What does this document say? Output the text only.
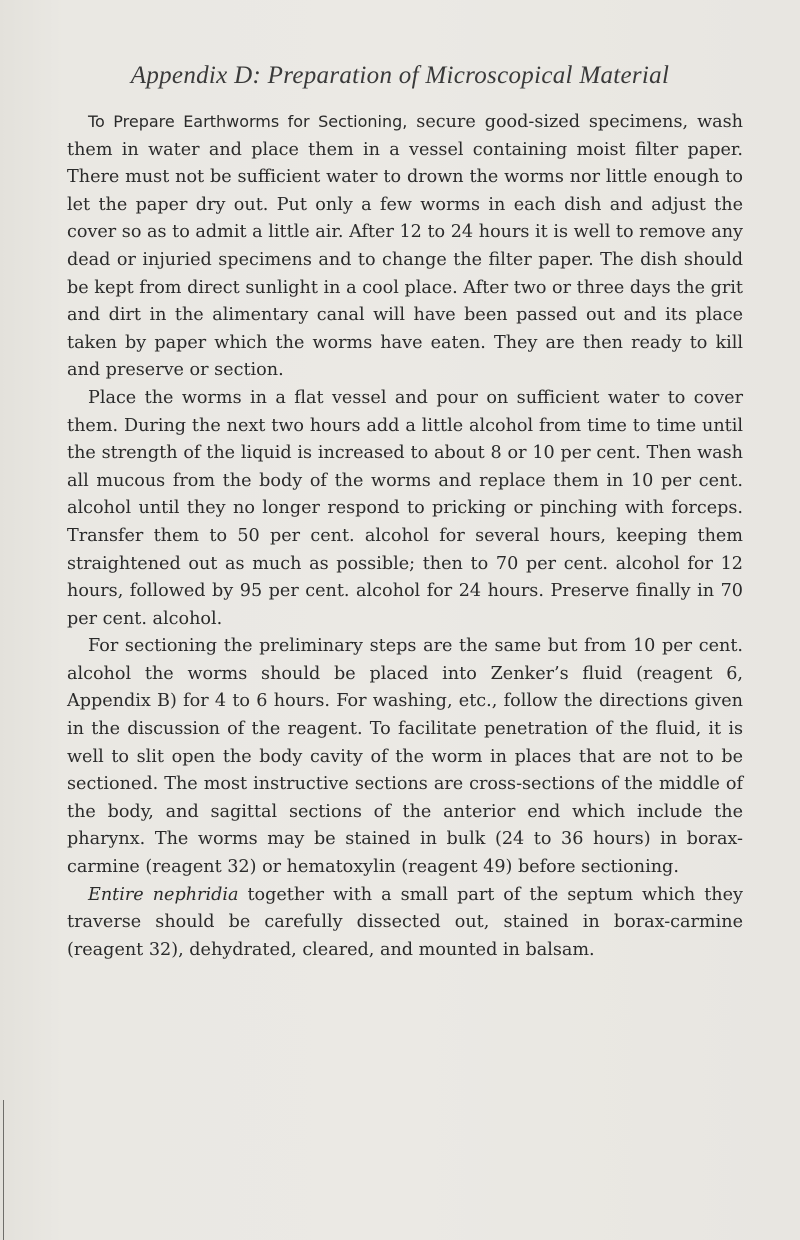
Appendix D: Preparation of Microscopical Material

To Prepare Earthworms for Sectioning, secure good-sized specimens, wash them in water and place them in a vessel containing moist filter paper. There must not be sufficient water to drown the worms nor little enough to let the paper dry out. Put only a few worms in each dish and adjust the cover so as to admit a little air. After 12 to 24 hours it is well to remove any dead or injuried specimens and to change the filter paper. The dish should be kept from direct sunlight in a cool place. After two or three days the grit and dirt in the alimentary canal will have been passed out and its place taken by paper which the worms have eaten. They are then ready to kill and preserve or section.

Place the worms in a flat vessel and pour on sufficient water to cover them. During the next two hours add a little alcohol from time to time until the strength of the liquid is increased to about 8 or 10 per cent. Then wash all mucous from the body of the worms and replace them in 10 per cent. alcohol until they no longer respond to pricking or pinching with forceps. Transfer them to 50 per cent. alcohol for several hours, keeping them straightened out as much as possible; then to 70 per cent. alcohol for 12 hours, followed by 95 per cent. alcohol for 24 hours. Preserve finally in 70 per cent. alcohol.

For sectioning the preliminary steps are the same but from 10 per cent. alcohol the worms should be placed into Zenker’s fluid (reagent 6, Appendix B) for 4 to 6 hours. For washing, etc., follow the directions given in the discussion of the reagent. To facilitate penetration of the fluid, it is well to slit open the body cavity of the worm in places that are not to be sectioned. The most instructive sections are cross-sections of the middle of the body, and sagittal sections of the anterior end which include the pharynx. The worms may be stained in bulk (24 to 36 hours) in borax-carmine (reagent 32) or hematoxylin (reagent 49) before sectioning.

Entire nephridia together with a small part of the septum which they traverse should be carefully dissected out, stained in borax-carmine (reagent 32), dehydrated, cleared, and mounted in balsam.
